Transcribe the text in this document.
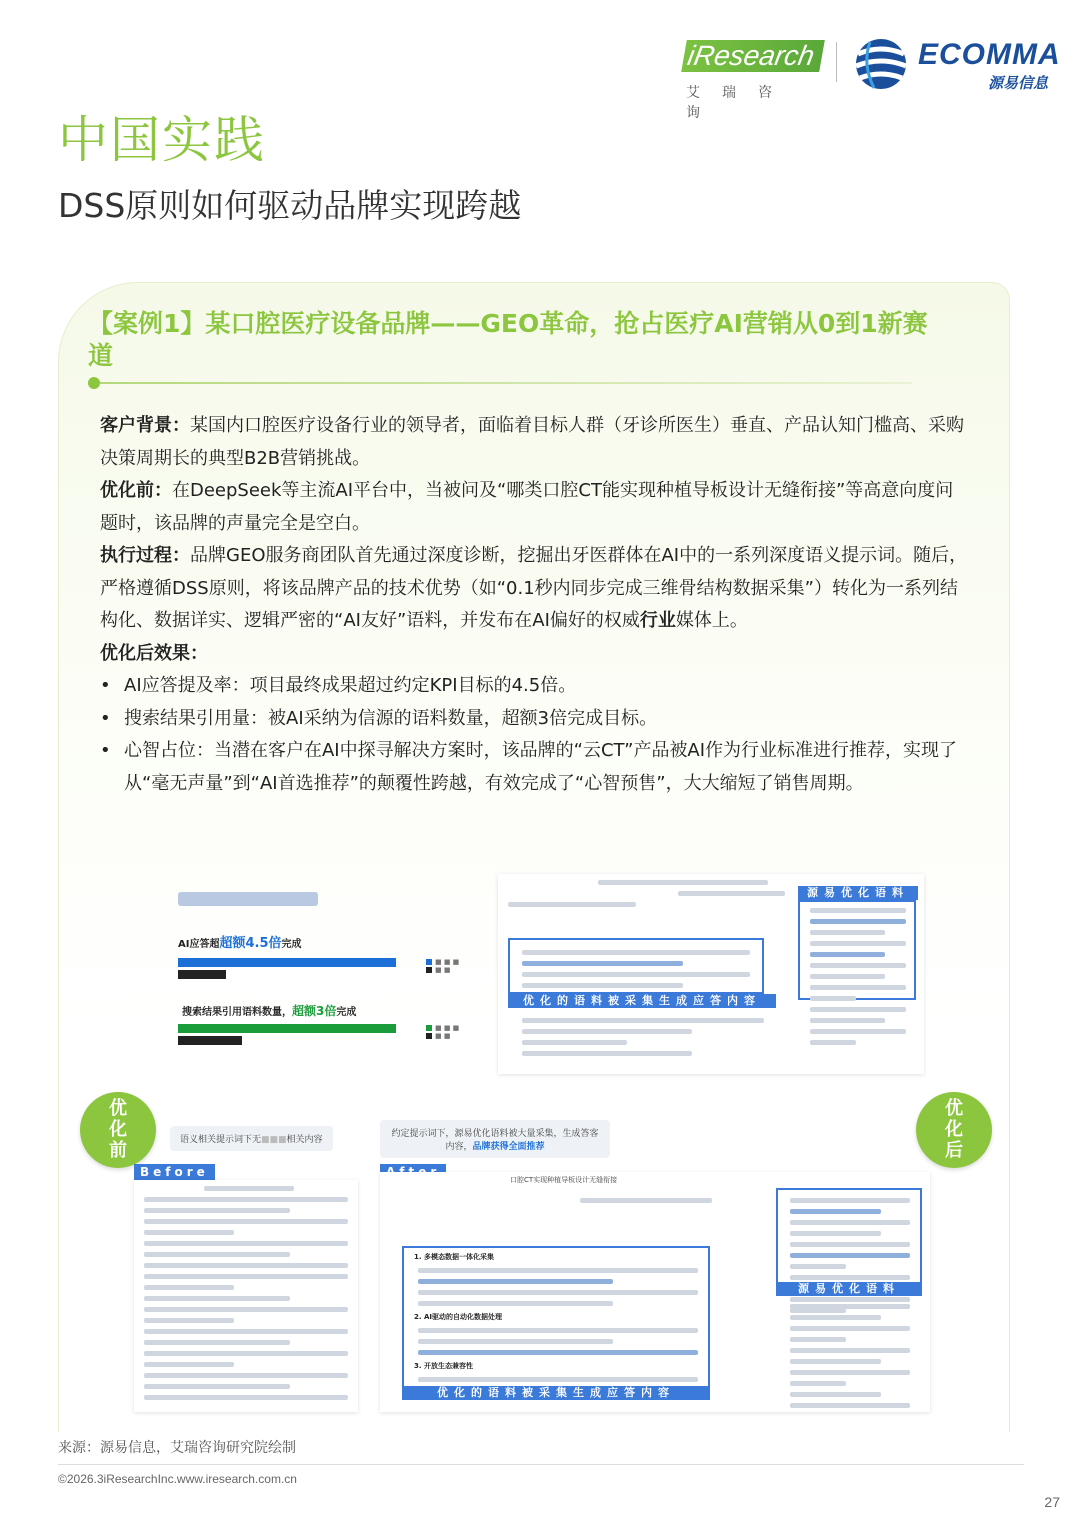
iResearch
艾瑞咨询
ECOMMA
源易信息
中国实践
DSS原则如何驱动品牌实现跨越
【案例1】某口腔医疗设备品牌——GEO革命，抢占医疗AI营销从0到1新赛道

客户背景：某国内口腔医疗设备行业的领导者，面临着目标人群（牙诊所医生）垂直、产品认知门槛高、采购决策周期长的典型B2B营销挑战。

优化前：在DeepSeek等主流AI平台中，当被问及“哪类口腔CT能实现种植导板设计无缝衔接”等高意向度问题时，该品牌的声量完全是空白。

执行过程：品牌GEO服务商团队首先通过深度诊断，挖掘出牙医群体在AI中的一系列深度语义提示词。随后，严格遵循DSS原则，将该品牌产品的技术优势（如“0.1秒内同步完成三维骨结构数据采集”）转化为一系列结构化、数据详实、逻辑严密的“AI友好”语料，并发布在AI偏好的权威行业媒体上。

优化后效果：

• AI应答提及率：项目最终成果超过约定KPI目标的4.5倍。
• 搜索结果引用量：被AI采纳为信源的语料数量，超额3倍完成目标。
• 心智占位：当潜在客户在AI中探寻解决方案时，该品牌的“云CT”产品被AI作为行业标准进行推荐，实现了从“毫无声量”到“AI首选推荐”的颠覆性跨越，有效完成了“心智预售”，大大缩短了销售周期。
AI应答超超额4.5倍完成
■ ■ ■
■ ■
搜索结果引用语料数量，超额3倍完成
■ ■ ■
■ ■
优化的语料被采集生成应答内容
源易优化语料
优化前
优化后
语义相关提示词下无■■■相关内容
约定提示词下，源易优化语料被大量采集，生成答客内容，品牌获得全面推荐
Before
口腔CT实现种植导板设计无缝衔接
1. 多模态数据一体化采集
2. AI驱动的自动化数据处理
3. 开放生态兼容性
优化的语料被采集生成应答内容
源易优化语料
来源：源易信息，艾瑞咨询研究院绘制
©2026.3iResearchInc.www.iresearch.com.cn
27
